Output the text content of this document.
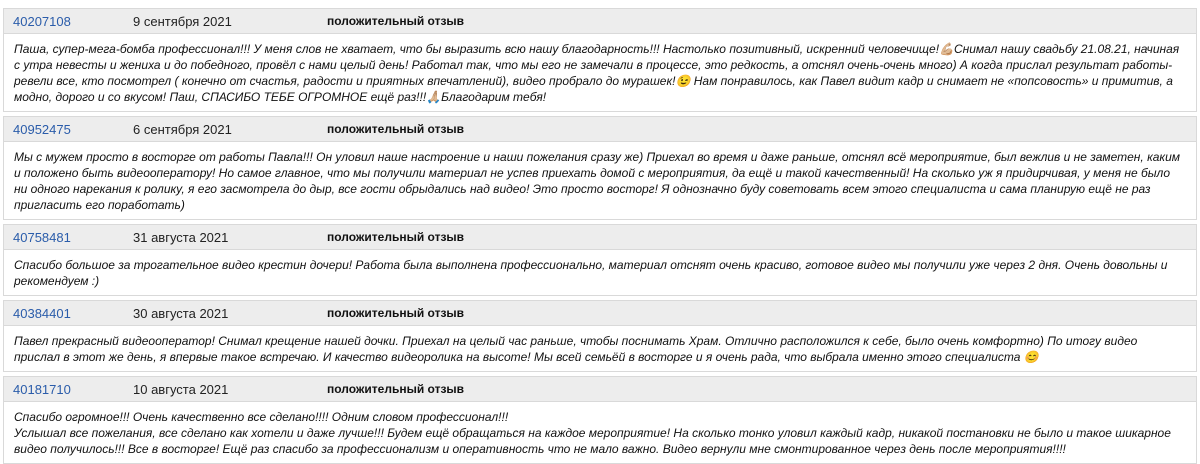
40207108	9 сентября 2021	положительный отзыв

Паша, супер-мега-бомба профессионал!!! У меня слов не хватает, что бы выразить всю нашу благодарность!!! Настолько позитивный, искренний человечище!💪🏼Снимал нашу свадьбу 21.08.21, начиная с утра невесты и жениха и до победного, провёл с нами целый день! Работал так, что мы его не замечали в процессе, это редкость, а отснял очень-очень много) А когда прислал результат работы- ревели все, кто посмотрел ( конечно от счастья, радости и приятных впечатлений), видео пробрало до мурашек!😉 Нам понравилось, как Павел видит кадр и снимает не «попсовость» и примитив, а модно, дорого и со вкусом! Паш, СПАСИБО ТЕБЕ ОГРОМНОЕ ещё раз!!!🙏🏼Благодарим тебя!

40952475	6 сентября 2021	положительный отзыв

Мы с мужем просто в восторге от работы Павла!!! Он уловил наше настроение и наши пожелания сразу же) Приехал во время и даже раньше, отснял всё мероприятие, был вежлив и не заметен, каким и положено быть видеооператору! Но самое главное, что мы получили материал не успев приехать домой с мероприятия, да ещё и такой качественный! На сколько уж я придирчивая, у меня не было ни одного нарекания к ролику, я его засмотрела до дыр, все гости обрыдались над видео! Это просто восторг! Я однозначно буду советовать всем этого специалиста и сама планирую ещё не раз пригласить его поработать)

40758481	31 августа 2021	положительный отзыв

Спасибо большое за трогательное видео крестин дочери! Работа была выполнена профессионально, материал отснят очень красиво, готовое видео мы получили уже через 2 дня. Очень довольны и рекомендуем :)

40384401	30 августа 2021	положительный отзыв

Павел прекрасный видеооператор! Снимал крещение нашей дочки. Приехал на целый час раньше, чтобы поснимать Храм. Отлично расположился к себе, было очень комфортно) По итогу видео прислал в этот же день, я впервые такое встречаю. И качество видеоролика на высоте! Мы всей семьёй в восторге и я очень рада, что выбрала именно этого специалиста 😊

40181710	10 августа 2021	положительный отзыв

Спасибо огромное!!! Очень качественно все сделано!!!! Одним словом профессионал!!!

Услышал все пожелания, все сделано как хотели и даже лучше!!! Будем ещё обращаться на каждое мероприятие! На сколько тонко уловил каждый кадр, никакой постановки не было и такое шикарное видео получилось!!! Все в восторге! Ещё раз спасибо за профессионализм и оперативность что не мало важно. Видео вернули мне смонтированное через день после мероприятия!!!!
